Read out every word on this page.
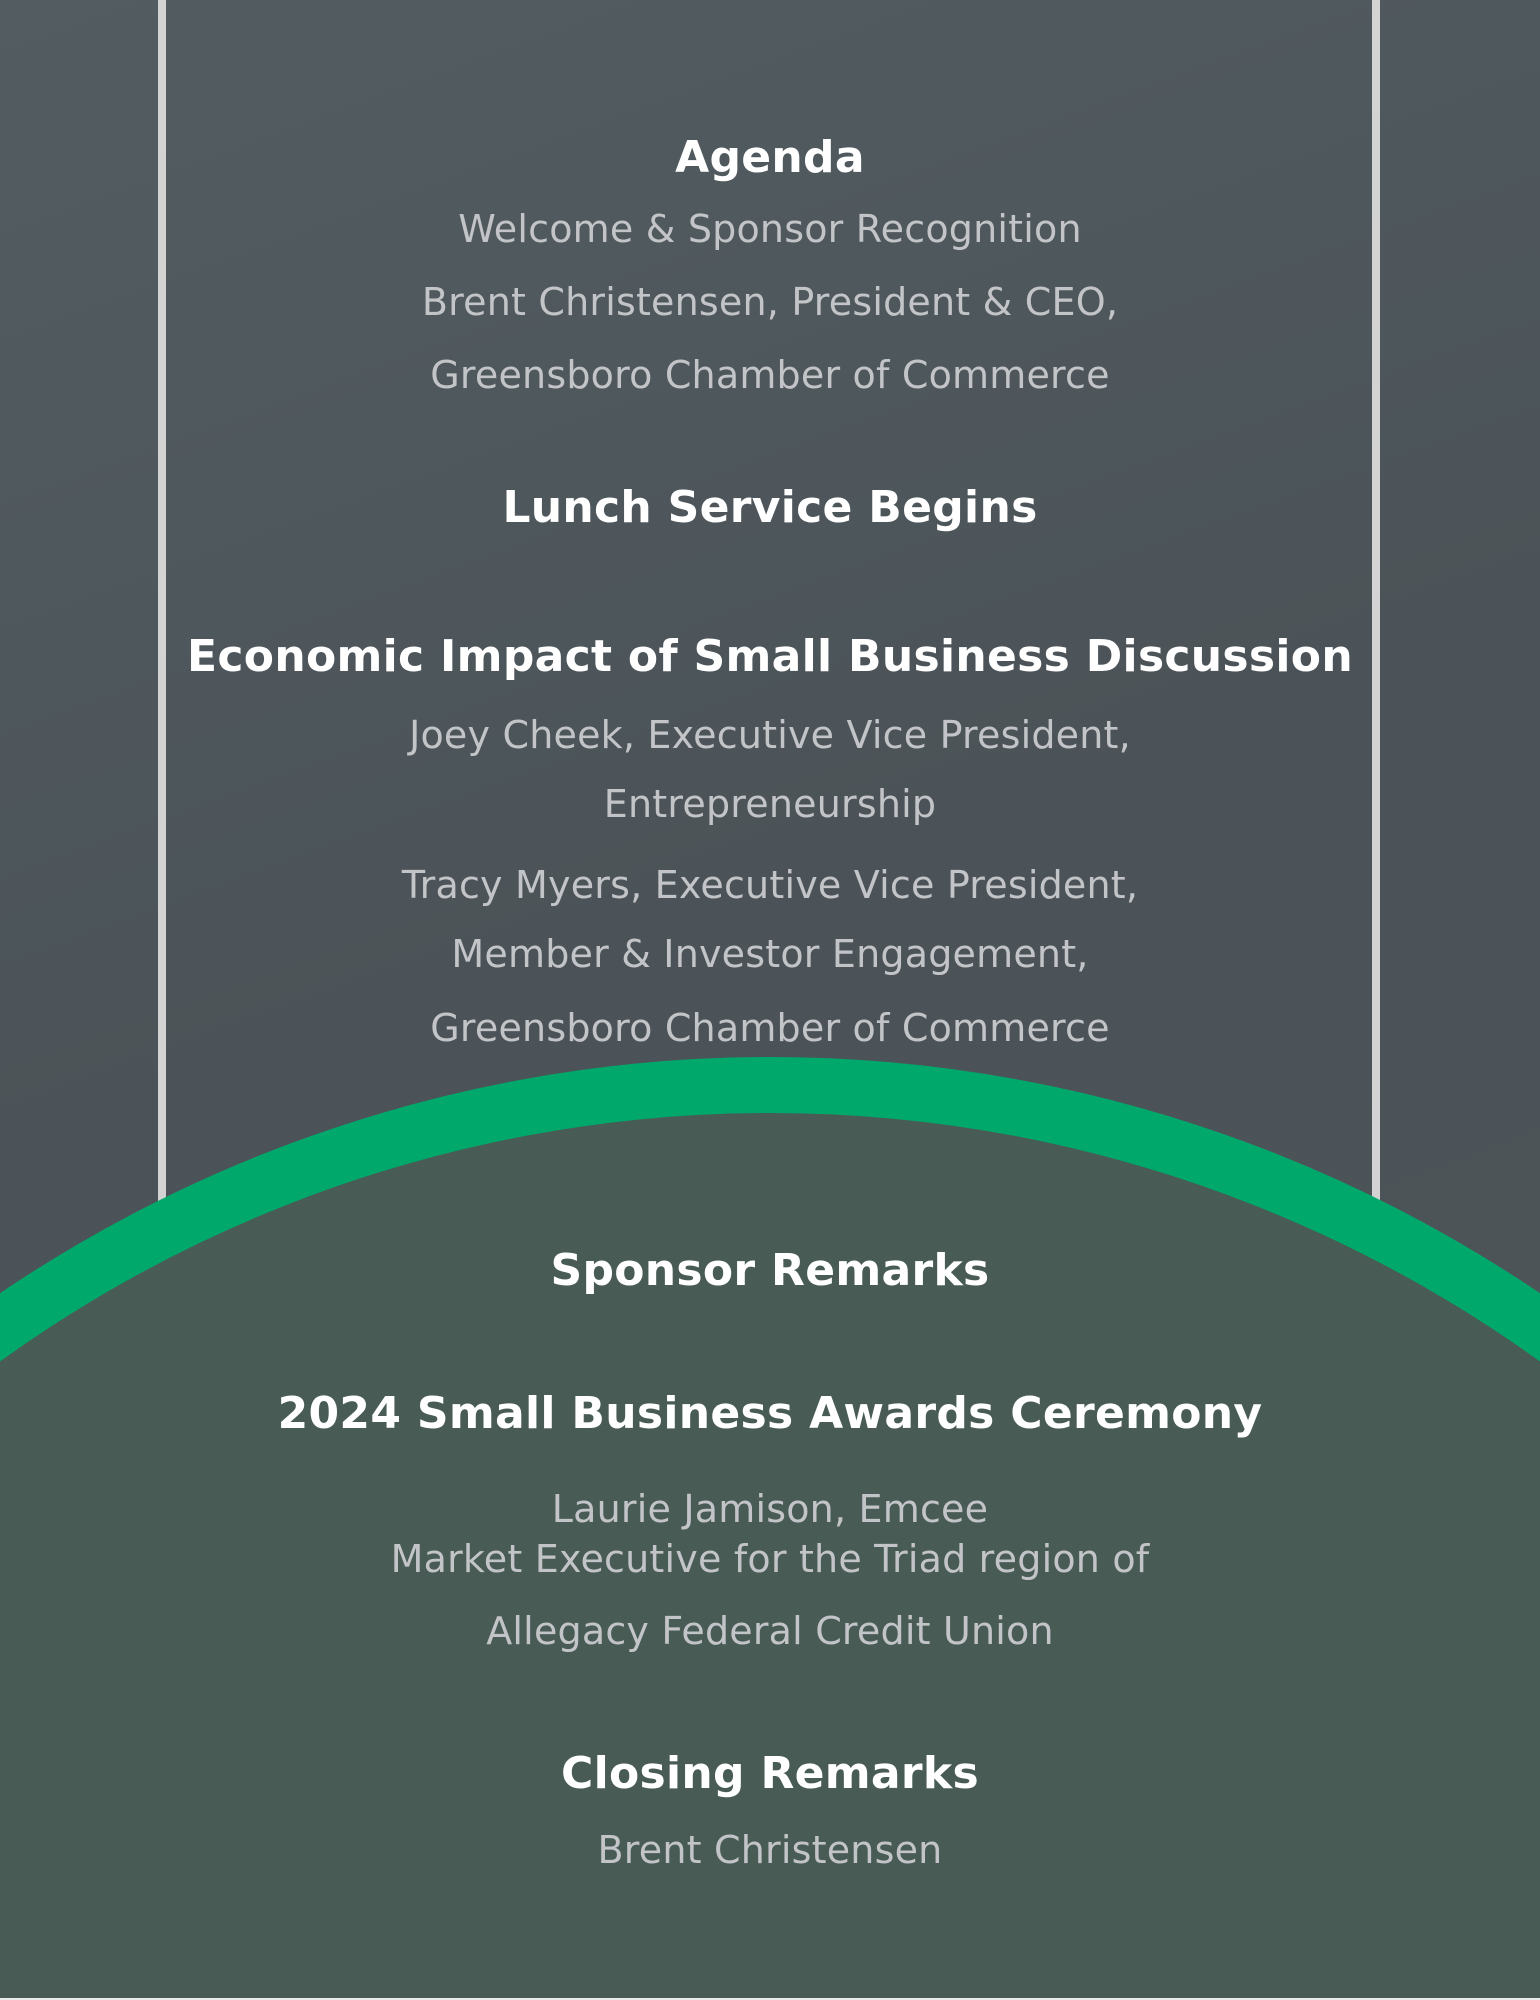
Agenda

Welcome & Sponsor Recognition

Brent Christensen, President & CEO,

Greensboro Chamber of Commerce

Lunch Service Begins

Economic Impact of Small Business Discussion

Joey Cheek, Executive Vice President,

Entrepreneurship

Tracy Myers, Executive Vice President,

Member & Investor Engagement,

Greensboro Chamber of Commerce

Sponsor Remarks

2024 Small Business Awards Ceremony

Laurie Jamison, Emcee

Market Executive for the Triad region of

Allegacy Federal Credit Union

Closing Remarks

Brent Christensen
